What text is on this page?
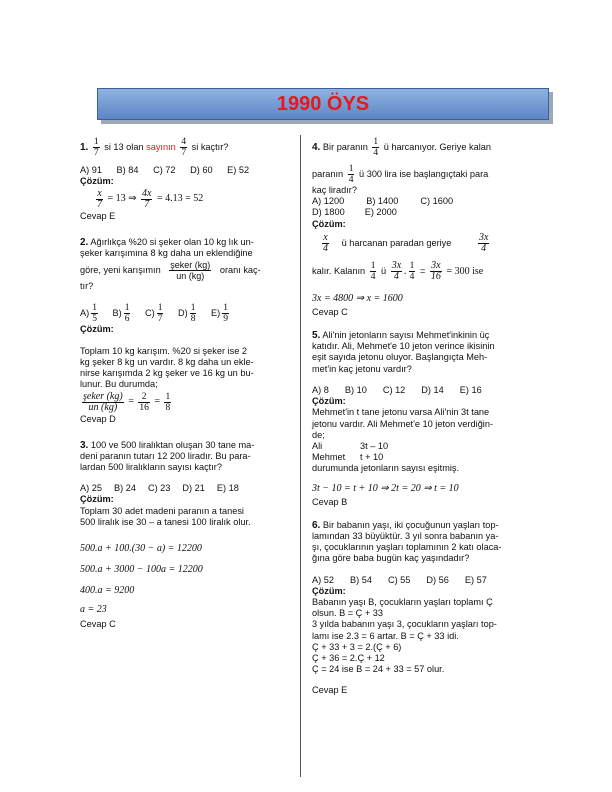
1990 ÖYS
1. $\frac{1}{7}$ si 13 olan sayının $\frac{4}{7}$ si kaçtır?
A) 91 B) 84 C) 72 D) 60 E) 52
Çözüm:
$\frac{x}{7} = 13$ ⇒ $\frac{4x}{7} = 4.13 = 52$
Cevap E
2. Ağırlıkça %20 si şeker olan 10 kg lık un-
şeker karışımına 8 kg daha un eklendiğine
göre, yeni karışımın $\frac{\text{şeker (kg)}}{un (kg)}$ oranı kaç-
tır?
$A) \frac{1}{5} B) \frac{1}{6} C) \frac{1}{7} D) \frac{1}{8} E) \frac{1}{9}$
Çözüm:
Toplam 10 kg karışım. %20 si şeker ise 2
kg şeker 8 kg un vardır. 8 kg daha un ekle-
nirse karışımda 2 kg şeker ve 16 kg un bu-
lunur. Bu durumda;
$\frac{\text{şeker (kg)}}{un (kg)} = \frac{2}{16} = \frac{1}{8}$
Cevap D
3. 100 ve 500 liralıktan oluşan 30 tane ma-
deni paranın tutarı 12 200 liradır. Bu para-
lardan 500 liralıkların sayısı kaçtır?
A) 25 B) 24 C) 23 D) 21 E) 18
Çözüm:
Toplam 30 adet madeni paranın a tanesi
500 liralık ise 30 – a tanesi 100 liralık olur.
500.a + 100.(30 − a) = 12200
500.a + 3000 − 100a = 12200
400.a = 9200
a = 23
Cevap C
4. Bir paranın $\frac{1}{4}$ ü harcanıyor. Geriye kalan
paranın $\frac{1}{4}$ ü 300 lira ise başlangıçtaki para
kaç liradır?
A) 1200 B) 1400 C) 1600
D) 1800 E) 2000
Çözüm:
$\frac{x}{4}$ ü harcanan paradan geriye	$\frac{3x}{4}$
kalır. Kalanın $\frac{1}{4}$ ü $\frac{3x}{4}$ . $\frac{1}{4} = \frac{3x}{16} = 300$ ise
3x = 4800 ⇒ x = 1600
Cevap C
5. Ali'nin jetonların sayısı Mehmet'inkinin üç
katıdır. Ali, Mehmet'e 10 jeton verince ikisinin
eşit sayıda jetonu oluyor. Başlangıçta Meh-
met'in kaç jetonu vardır?
A) 8 B) 10 C) 12 D) 14 E) 16
Çözüm:
Mehmet'in t tane jetonu varsa Ali'nin 3t tane
jetonu vardır. Ali Mehmet'e 10 jeton verdiğin-
de;
Ali	3t – 10
Mehmet t + 10
durumunda jetonların sayısı eşitmiş.
3t − 10 = t + 10 ⇒ 2t = 20 ⇒ t = 10
Cevap B
6. Bir babanın yaşı, iki çocuğunun yaşları top-
lamından 33 büyüktür. 3 yıl sonra babanın ya-
şı, çocuklarının yaşları toplamının 2 katı olaca-
ğına göre baba bugün kaç yaşındadır?
A) 52 B) 54 C) 55 D) 56 E) 57
Çözüm:
Babanın yaşı B, çocukların yaşları toplamı Ç
olsun. B = Ç + 33
3 yılda babanın yaşı 3, çocukların yaşları top-
lamı ise 2.3 = 6 artar. B = Ç + 33 idi.
Ç + 33 + 3 = 2.(Ç + 6)
Ç + 36 = 2.Ç + 12
Ç = 24 ise B = 24 + 33 = 57 olur.
Cevap E
